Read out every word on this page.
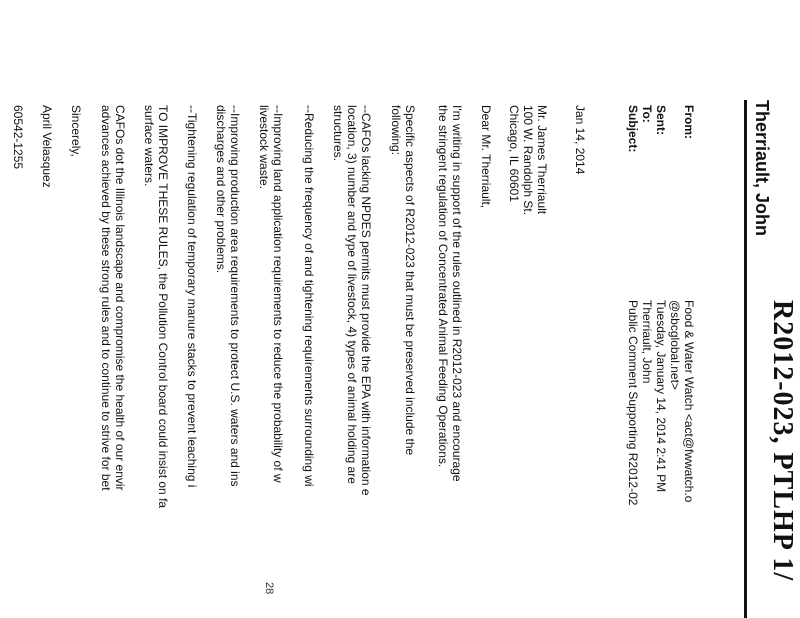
R2012-023, PTLHP 1/
Therriault, John
From:
Food & Water Watch <act@fwwatch.o
@sbcglobal.net>
Sent:
Tuesday, January 14, 2014 2:41 PM
To:
Therriault, John
Subject:
Public Comment Supporting R2012-02
Jan 14, 2014
Mr. James Therriault
100 W. Randolph St.
Chicago, IL 60601
Dear Mr. Therriault,
I'm writing in support of the rules outlined in R2012-023 and encourage
the stringent regulation of Concentrated Animal Feeding Operations.
Specific aspects of R2012-023 that must be preserved include the
following:
--CAFOs lacking NPDES permits must provide the EPA with information e
location, 3) number and type of livestock, 4) types of animal holding are
structures.
--Reducing the frequency of and tightening requirements surrounding wi
--Improving land application requirements to reduce the probability of w
livestock waste.
--Improving production area requirements to protect U.S. waters and ins
discharges and other problems.
--Tightening regulation of temporary manure stacks to prevent leaching i
TO IMPROVE THESE RULES, the Pollution Control board could insist on fa
surface waters.
CAFOs dot the Illinois landscape and compromise the health of our envir
advances achieved by these strong rules and to continue to strive for bet
Sincerely,
April Velasquez
60542-1255
28
